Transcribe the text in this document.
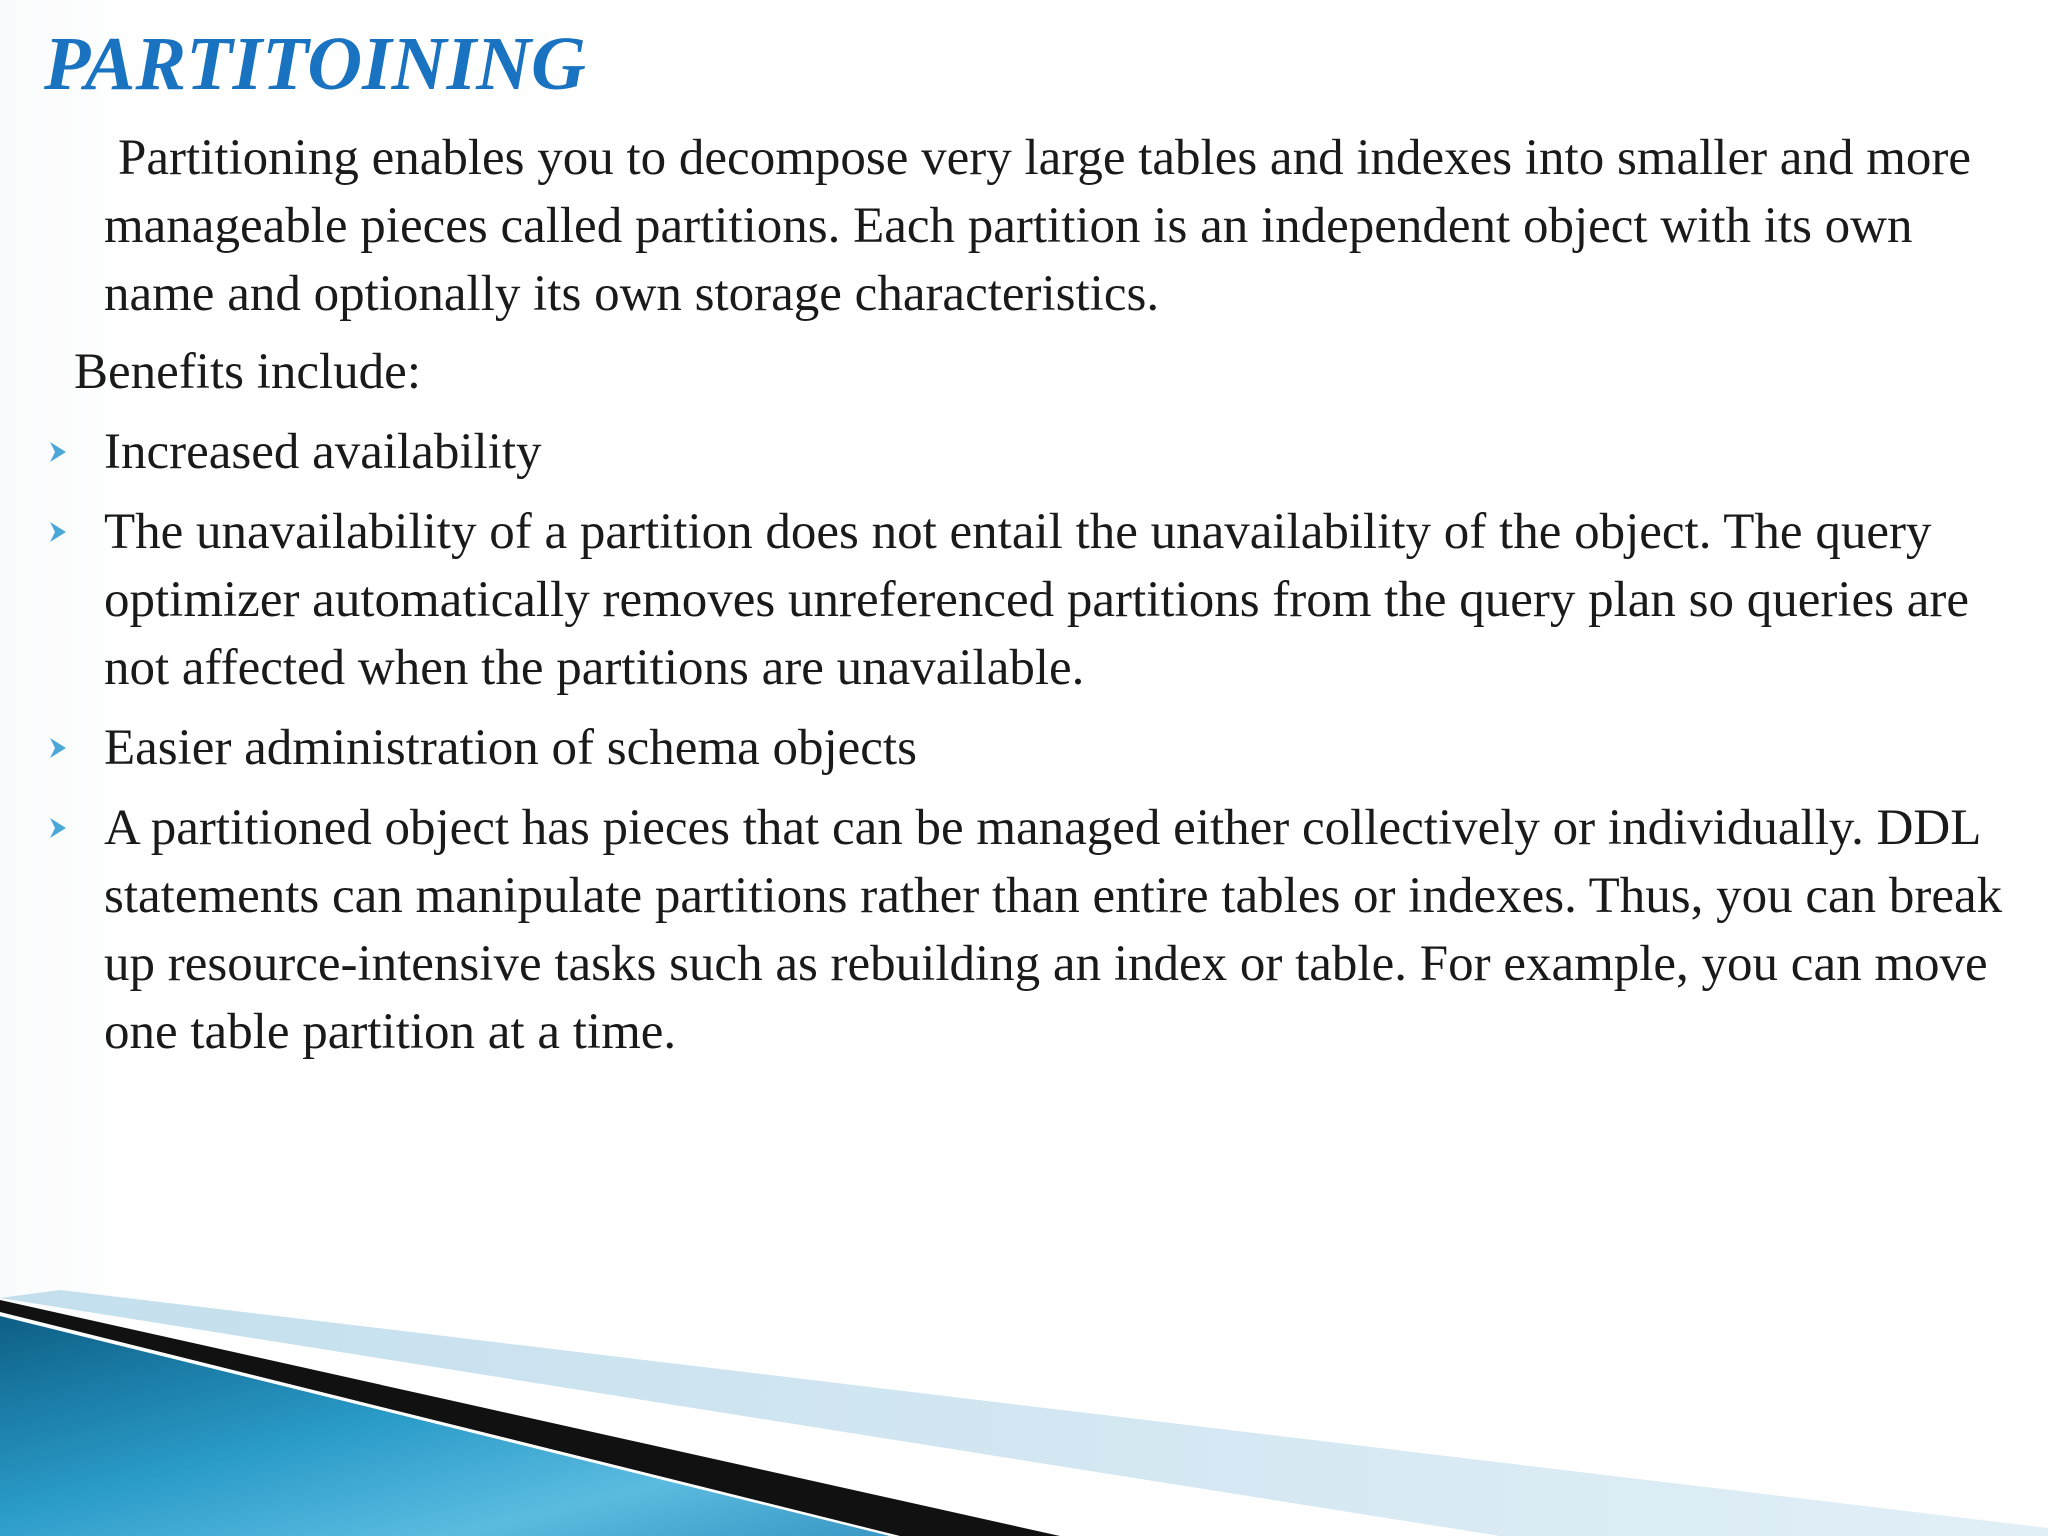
PARTITOINING

Partitioning enables you to decompose very large tables and indexes into smaller and more manageable pieces called partitions. Each partition is an independent object with its own name and optionally its own storage characteristics.

Benefits include:

Increased availability
The unavailability of a partition does not entail the unavailability of the object. The query optimizer automatically removes unreferenced partitions from the query plan so queries are not affected when the partitions are unavailable.
Easier administration of schema objects
A partitioned object has pieces that can be managed either collectively or individually. DDL statements can manipulate partitions rather than entire tables or indexes. Thus, you can break up resource-intensive tasks such as rebuilding an index or table. For example, you can move one table partition at a time.
